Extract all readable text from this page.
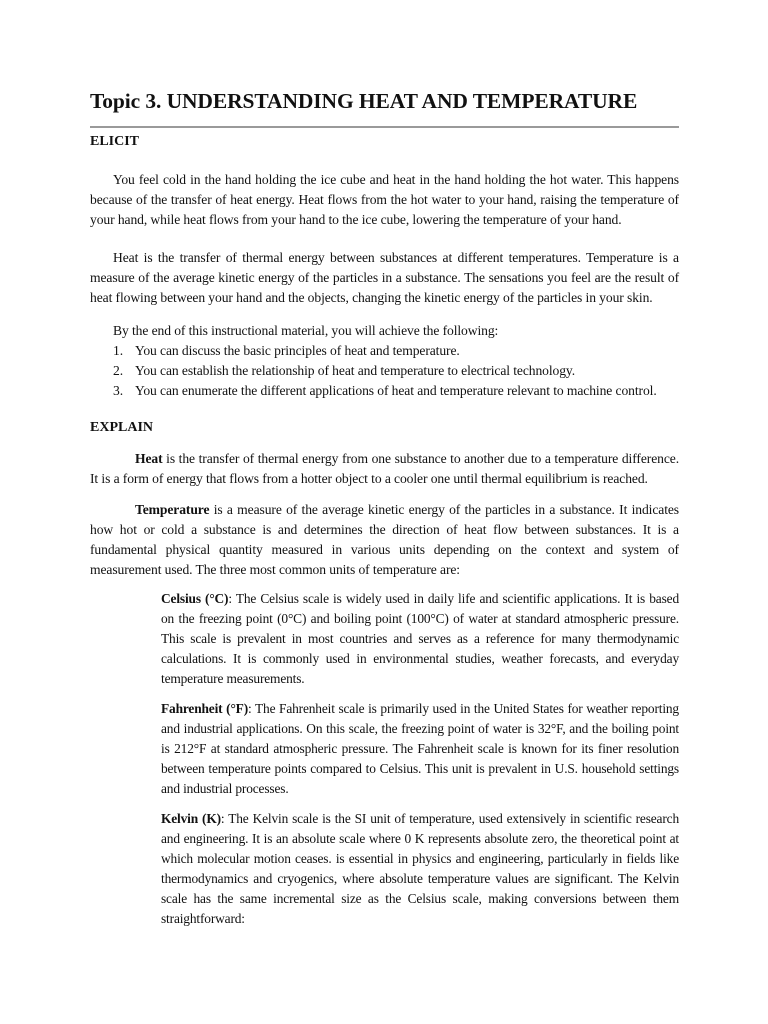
Topic 3. UNDERSTANDING HEAT AND TEMPERATURE
ELICIT

You feel cold in the hand holding the ice cube and heat in the hand holding the hot water. This happens because of the transfer of heat energy. Heat flows from the hot water to your hand, raising the temperature of your hand, while heat flows from your hand to the ice cube, lowering the temperature of your hand.

Heat is the transfer of thermal energy between substances at different temperatures. Temperature is a measure of the average kinetic energy of the particles in a substance. The sensations you feel are the result of heat flowing between your hand and the objects, changing the kinetic energy of the particles in your skin.

By the end of this instructional material, you will achieve the following:

1. You can discuss the basic principles of heat and temperature.
2. You can establish the relationship of heat and temperature to electrical technology.
3. You can enumerate the different applications of heat and temperature relevant to machine control.
EXPLAIN

Heat is the transfer of thermal energy from one substance to another due to a temperature difference. It is a form of energy that flows from a hotter object to a cooler one until thermal equilibrium is reached.

Temperature is a measure of the average kinetic energy of the particles in a substance. It indicates how hot or cold a substance is and determines the direction of heat flow between substances. It is a fundamental physical quantity measured in various units depending on the context and system of measurement used. The three most common units of temperature are:

Celsius (°C): The Celsius scale is widely used in daily life and scientific applications. It is based on the freezing point (0°C) and boiling point (100°C) of water at standard atmospheric pressure. This scale is prevalent in most countries and serves as a reference for many thermodynamic calculations. It is commonly used in environmental studies, weather forecasts, and everyday temperature measurements.

Fahrenheit (°F): The Fahrenheit scale is primarily used in the United States for weather reporting and industrial applications. On this scale, the freezing point of water is 32°F, and the boiling point is 212°F at standard atmospheric pressure. The Fahrenheit scale is known for its finer resolution between temperature points compared to Celsius. This unit is prevalent in U.S. household settings and industrial processes.

Kelvin (K): The Kelvin scale is the SI unit of temperature, used extensively in scientific research and engineering. It is an absolute scale where 0 K represents absolute zero, the theoretical point at which molecular motion ceases. is essential in physics and engineering, particularly in fields like thermodynamics and cryogenics, where absolute temperature values are significant. The Kelvin scale has the same incremental size as the Celsius scale, making conversions between them straightforward:
